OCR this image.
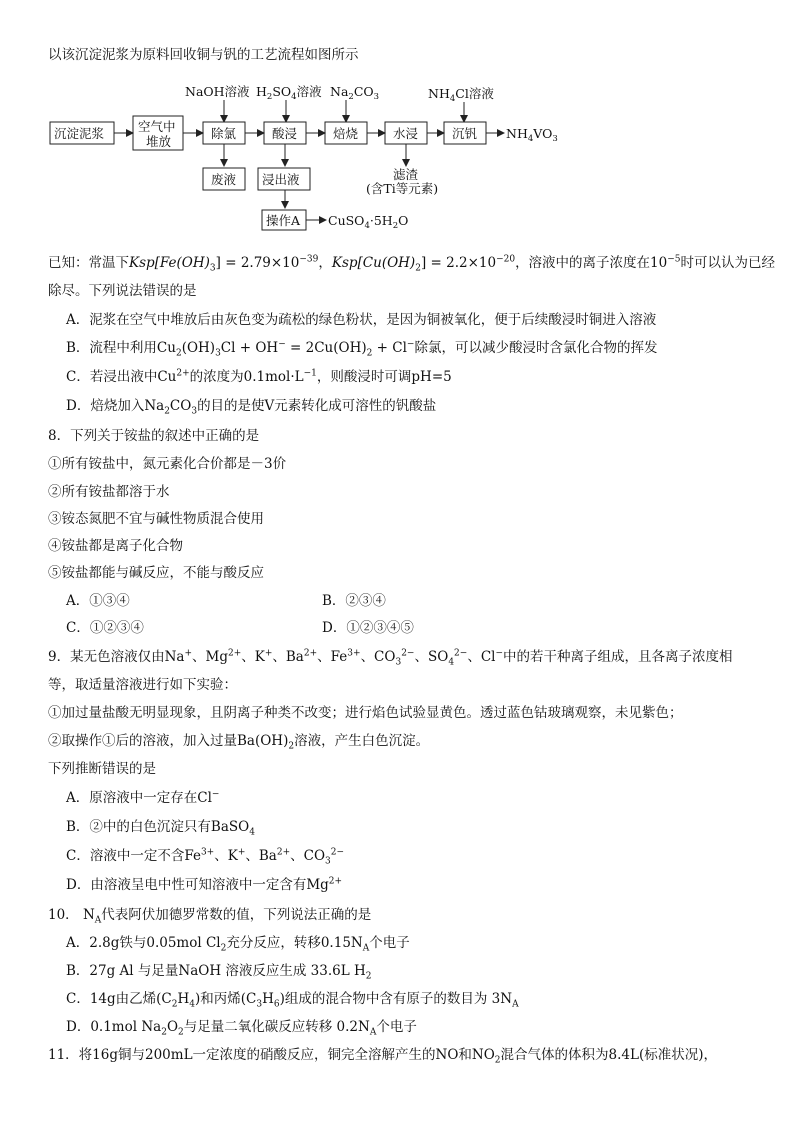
以该沉淀泥浆为原料回收铜与钒的工艺流程如图所示
NaOH溶液 $H_2SO_4$溶液 $Na_2CO_3$	$NH_4Cl$溶液
沉淀泥浆	空气中
堆放
除氯	酸浸	焙烧	水浸	沉钒 $NH_4VO_3$
废液 浸出液	滤渣
(含Ti等元素)
操作A $CuSO_4\cdot 5H_2O$
已知：常温下$Ksp[Fe(OH)_3] = 2.79\times 10^{-39}$，$Ksp[Cu(OH)_2] = 2.2\times 10^{-20}$，溶液中的离子浓度在$10^{-5}$时可以认为已经
除尽。下列说法错误的是
A．泥浆在空气中堆放后由灰色变为疏松的绿色粉状，是因为铜被氧化，便于后续酸浸时铜进入溶液
B．流程中利用$Cu_2(OH)_3Cl + OH^- = 2Cu(OH)_2 + Cl^-$除氯，可以减少酸浸时含氯化合物的挥发
C．若浸出液中$Cu^{2+}$的浓度为$0.1mol\cdot L^{-1}$，则酸浸时可调pH=5
D．焙烧加入$Na_2CO_3$的目的是使V元素转化成可溶性的钒酸盐
8．下列关于铵盐的叙述中正确的是
①所有铵盐中，氮元素化合价都是－3价
②所有铵盐都溶于水
③铵态氮肥不宜与碱性物质混合使用
④铵盐都是离子化合物
⑤铵盐都能与碱反应，不能与酸反应
A．①③④	B．②③④
C．①②③④	D．①②③④⑤
9．某无色溶液仅由Na+、$Mg^{2+}$、K+、$Ba^{2+}$、$Fe^{3+}$、$CO_3^{2-}$、$SO_4^{2-}$、Cl−中的若干种离子组成，且各离子浓度相
等，取适量溶液进行如下实验：
①加过量盐酸无明显现象，且阴离子种类不改变；进行焰色试验显黄色。透过蓝色钴玻璃观察，未见紫色；
②取操作①后的溶液，加入过量$Ba(OH)_2$溶液，产生白色沉淀。
下列推断错误的是
A．原溶液中一定存在Cl−
B．②中的白色沉淀只有BaSO$_4$
C．溶液中一定不含$Fe^{3+}$、K+、$Ba^{2+}$、$CO_3^{2-}$
D．由溶液呈电中性可知溶液中一定含有$Mg^{2+}$
10． $N_A$代表阿伏加德罗常数的值，下列说法正确的是
A．2.8g铁与0.05mol $Cl_2$充分反应，转移$0.15N_A$个电子
B．27g Al 与足量NaOH 溶液反应生成 33.6L $H_2$
C．14g由乙烯$(C_2H_4)$和丙烯$(C_3H_6)$组成的混合物中含有原子的数目为 $3N_A$
D．0.1mol $Na_2O_2$与足量二氧化碳反应转移 $0.2N_A$个电子
11．将16g铜与200mL一定浓度的硝酸反应，铜完全溶解产生的NO和$NO_2$混合气体的体积为8.4L(标准状况)，
